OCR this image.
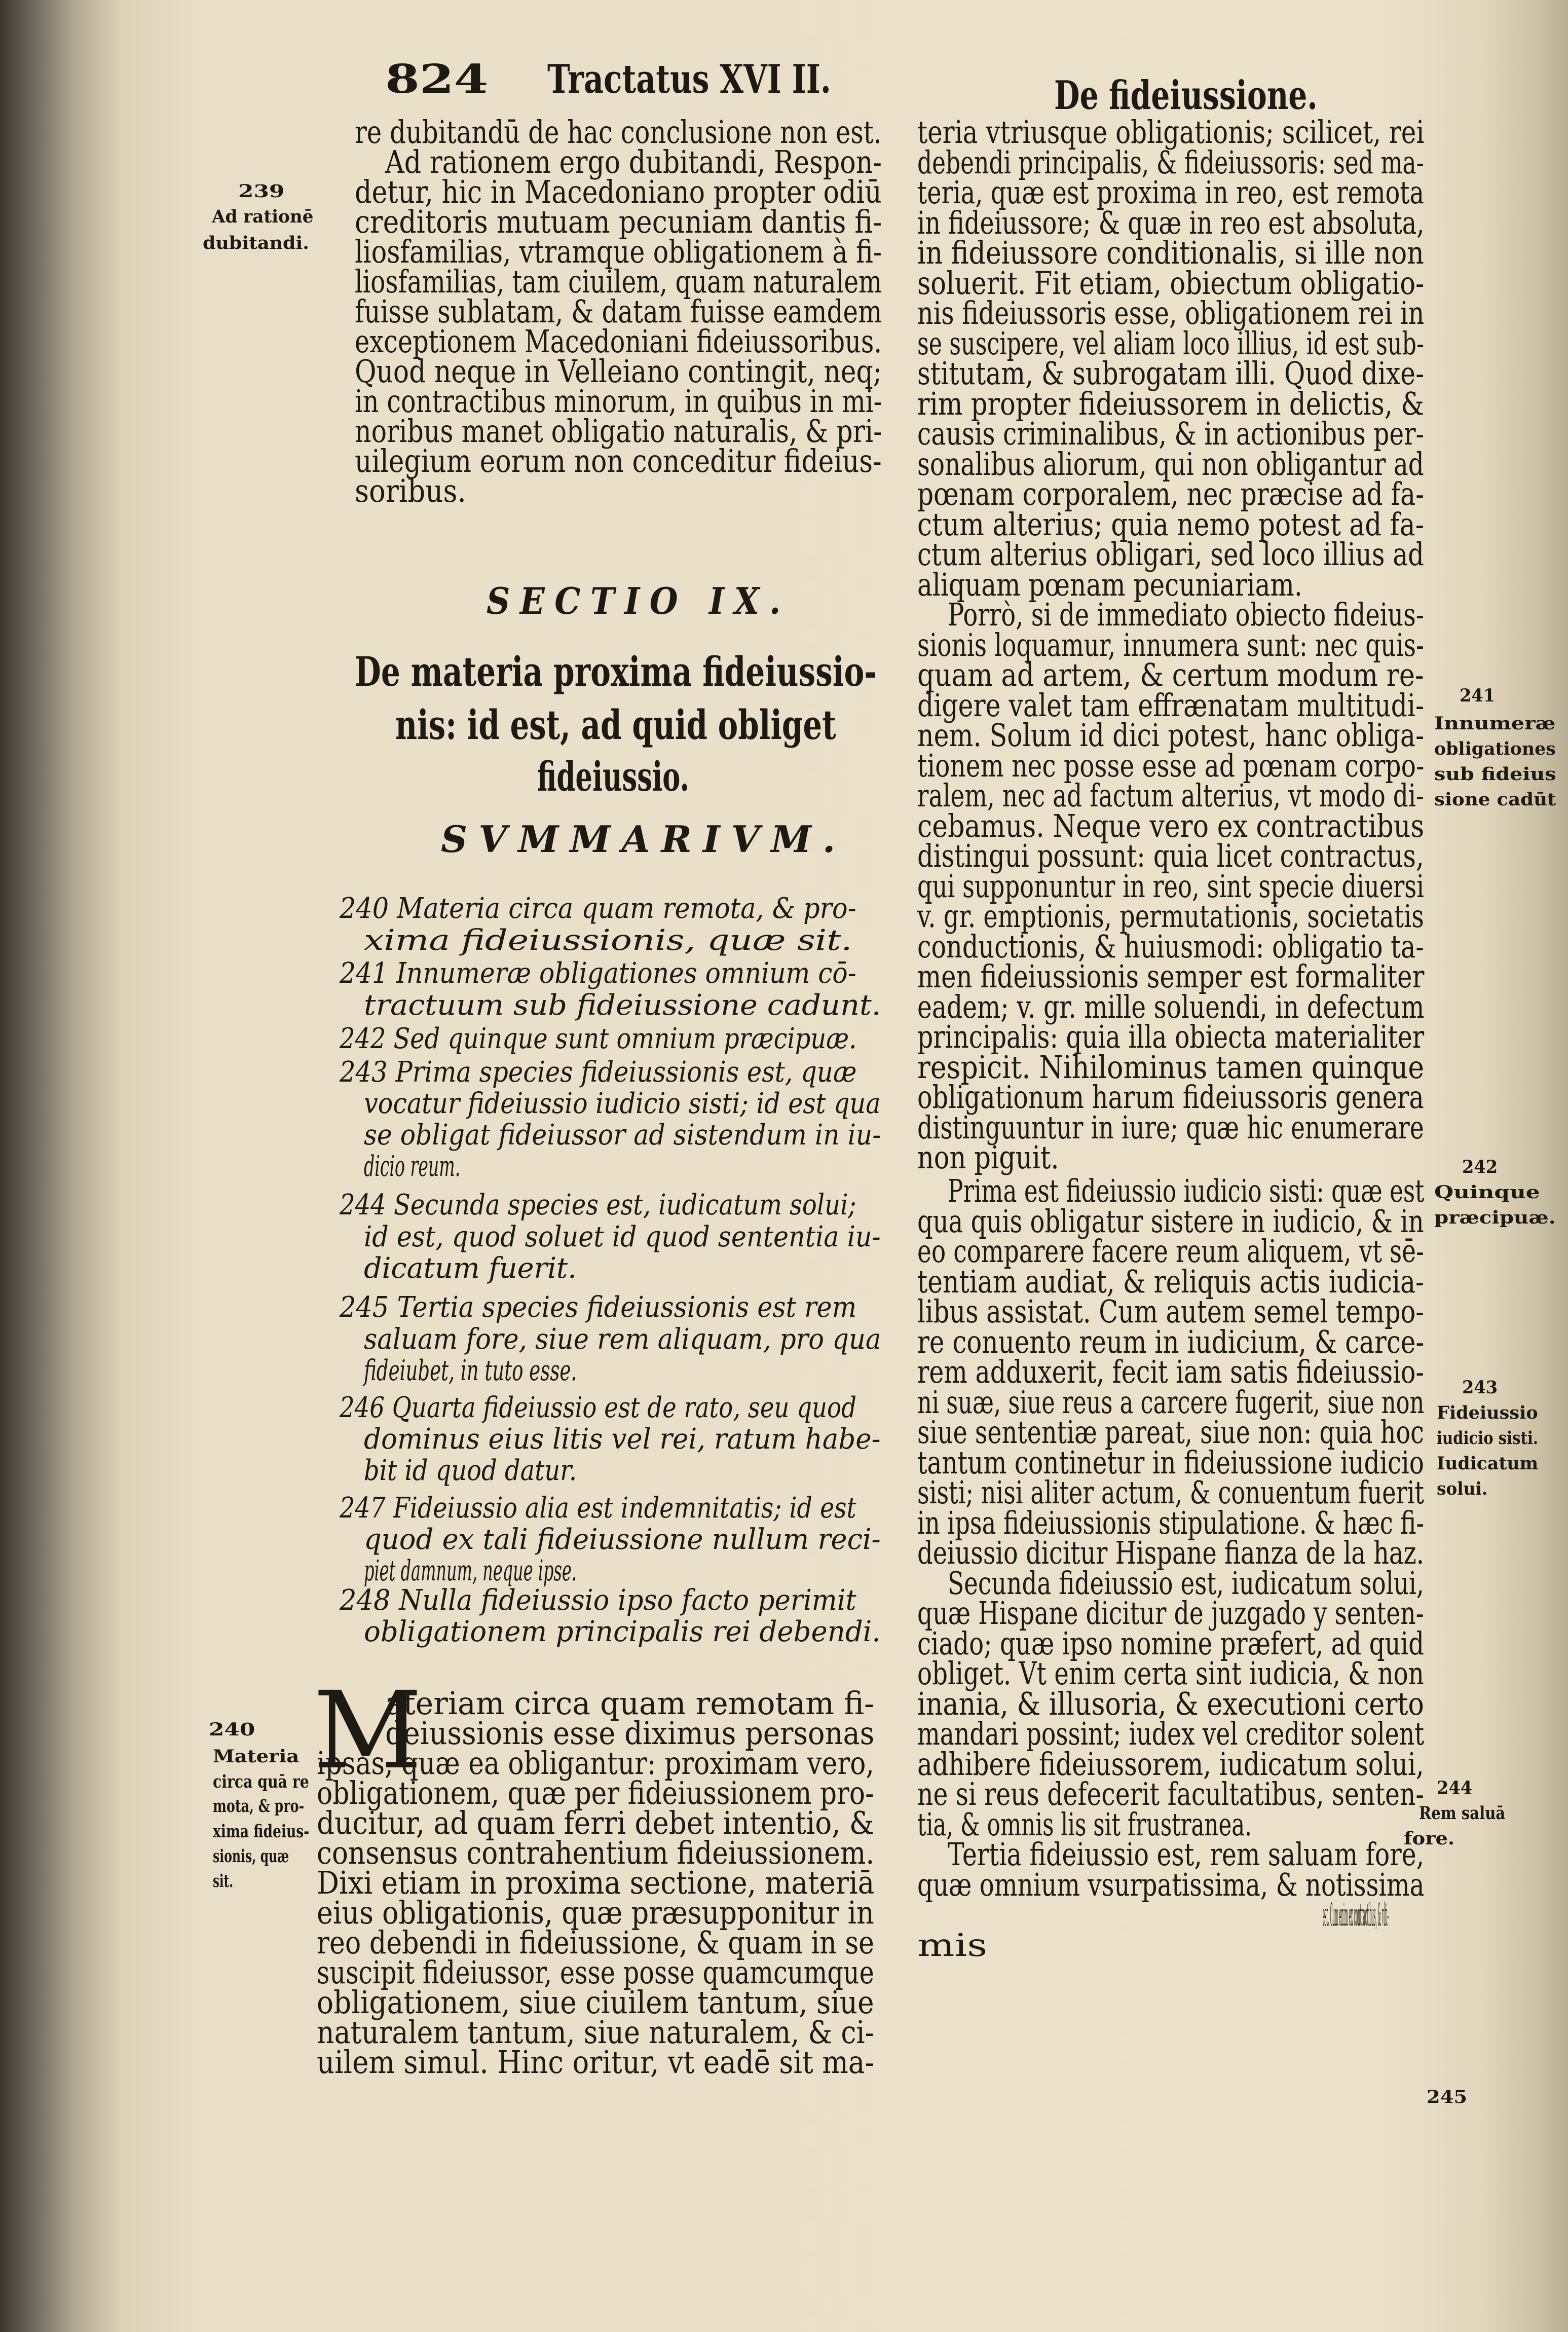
824 Tractatus XVI II.	De fideiussione.
re dubitandū de hac conclusione non est.
Ad rationem ergo dubitandi, Respon-
detur, hic in Macedoniano propter odiū
creditoris mutuam pecuniam dantis fi-
liosfamilias, vtramque obligationem à fi-
liosfamilias, tam ciuilem, quam naturalem
fuisse sublatam, & datam fuisse eamdem
exceptionem Macedoniani fideiussoribus.
Quod neque in Velleiano contingit, neq;
in contractibus minorum, in quibus in mi-
noribus manet obligatio naturalis, & pri-
uilegium eorum non conceditur fideius-
soribus.
SECTIO IX.
De materia proxima fideiussio-
nis: id est, ad quid obliget
fideiussio.
SVMMARIVM.
240 Materia circa quam remota, & pro-
xima fideiussionis, quæ sit.
241 Innumeræ obligationes omnium cō-
tractuum sub fideiussione cadunt.
242 Sed quinque sunt omnium præcipuæ.
243 Prima species fideiussionis est, quæ
vocatur fideiussio iudicio sisti; id est qua
se obligat fideiussor ad sistendum in iu-
dicio reum.
244 Secunda species est, iudicatum solui;
id est, quod soluet id quod sententia iu-
dicatum fuerit.
245 Tertia species fideiussionis est rem
saluam fore, siue rem aliquam, pro qua
fideiubet, in tuto esse.
246 Quarta fideiussio est de rato, seu quod
dominus eius litis vel rei, ratum habe-
bit id quod datur.
247 Fideiussio alia est indemnitatis; id est
quod ex tali fideiussione nullum reci-
piet damnum, neque ipse.
248 Nulla fideiussio ipso facto perimit
obligationem principalis rei debendi.
M
ateriam circa quam remotam fi-
deiussionis esse diximus personas
ipsas, quæ ea obligantur: proximam vero,
obligationem, quæ per fideiussionem pro-
ducitur, ad quam ferri debet intentio, &
consensus contrahentium fideiussionem.
Dixi etiam in proxima sectione, materiā
eius obligationis, quæ præsupponitur in
reo debendi in fideiussione, & quam in se
suscipit fideiussor, esse posse quamcumque
obligationem, siue ciuilem tantum, siue
naturalem tantum, siue naturalem, & ci-
uilem simul. Hinc oritur, vt eadē sit ma-
239
Ad rationē
dubitandi.
240
Materia
circa quā re
mota, & pro-
xima fideius-
sionis, quæ
sit.
teria vtriusque obligationis; scilicet, rei
debendi principalis, & fideiussoris: sed ma-
teria, quæ est proxima in reo, est remota
in fideiussore; & quæ in reo est absoluta,
in fideiussore conditionalis, si ille non
soluerit. Fit etiam, obiectum obligatio-
nis fideiussoris esse, obligationem rei in
se suscipere, vel aliam loco illius, id est sub-
stitutam, & subrogatam illi. Quod dixe-
rim propter fideiussorem in delictis, &
causis criminalibus, & in actionibus per-
sonalibus aliorum, qui non obligantur ad
pœnam corporalem, nec præcise ad fa-
ctum alterius; quia nemo potest ad fa-
ctum alterius obligari, sed loco illius ad
aliquam pœnam pecuniariam.
Porrò, si de immediato obiecto fideius-
sionis loquamur, innumera sunt: nec quis-
quam ad artem, & certum modum re-
digere valet tam effrænatam multitudi-
nem. Solum id dici potest, hanc obliga-
tionem nec posse esse ad pœnam corpo-
ralem, nec ad factum alterius, vt modo di-
cebamus. Neque vero ex contractibus
distingui possunt: quia licet contractus,
qui supponuntur in reo, sint specie diuersi
v. gr. emptionis, permutationis, societatis
conductionis, & huiusmodi: obligatio ta-
men fideiussionis semper est formaliter
eadem; v. gr. mille soluendi, in defectum
principalis: quia illa obiecta materialiter
respicit. Nihilominus tamen quinque
obligationum harum fideiussoris genera
distinguuntur in iure; quæ hic enumerare
non piguit.
Prima est fideiussio iudicio sisti: quæ est
qua quis obligatur sistere in iudicio, & in
eo comparere facere reum aliquem, vt sē-
tentiam audiat, & reliquis actis iudicia-
libus assistat. Cum autem semel tempo-
re conuento reum in iudicium, & carce-
rem adduxerit, fecit iam satis fideiussio-
ni suæ, siue reus a carcere fugerit, siue non
siue sententiæ pareat, siue non: quia hoc
tantum continetur in fideiussione iudicio
sisti; nisi aliter actum, & conuentum fuerit
in ipsa fideiussionis stipulatione. & hæc fi-
deiussio dicitur Hispane fianza de la haz.
Secunda fideiussio est, iudicatum solui,
quæ Hispane dicitur de juzgado y senten-
ciado; quæ ipso nomine præfert, ad quid
obliget. Vt enim certa sint iudicia, & non
inania, & illusoria, & executioni certo
mandari possint; iudex vel creditor solent
adhibere fideiussorem, iudicatum solui,
ne si reus defecerit facultatibus, senten-
tia, & omnis lis sit frustranea.
Tertia fideiussio est, rem saluam fore,
quæ omnium vsurpatissima, & notissima
est. Cum enim ex contractibus, & vlti-
mis
241
Innumeræ
obligationes
sub fideius
sione cadūt
242
Quinque
præcipuæ.
243
Fideiussio
iudicio sisti.
Iudicatum
solui.
244
Rem saluā
fore.
245
